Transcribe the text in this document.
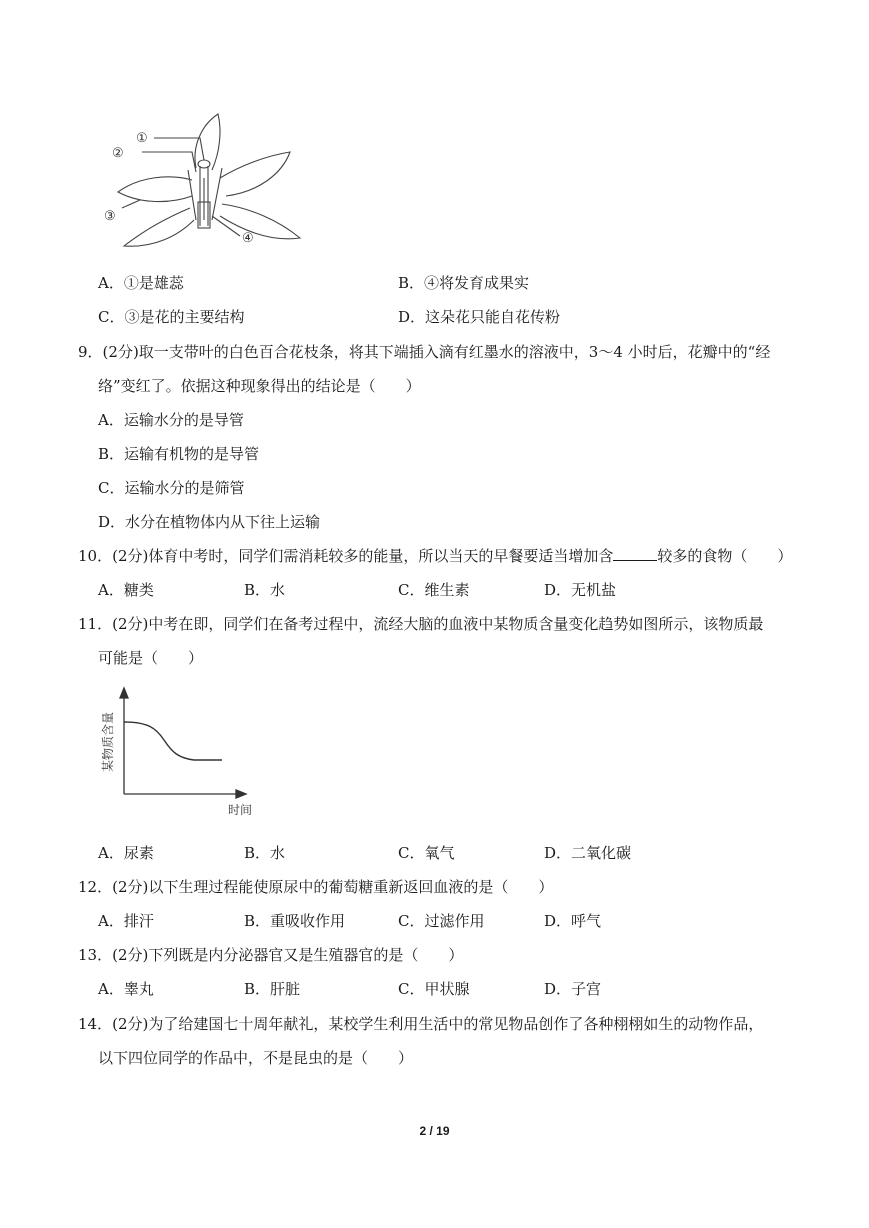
①
②
③
④
A．①是雄蕊	B．④将发育成果实
C．③是花的主要结构	D．这朵花只能自花传粉
9．(2分)取一支带叶的白色百合花枝条，将其下端插入滴有红墨水的溶液中，3～4 小时后，花瓣中的“经
络”变红了。依据这种现象得出的结论是（　　）
A．运输水分的是导管
B．运输有机物的是导管
C．运输水分的是筛管
D．水分在植物体内从下往上运输
10．(2分)体育中考时，同学们需消耗较多的能量，所以当天的早餐要适当增加含	较多的食物（　　）
A．糖类	B．水	C．维生素	D．无机盐
11．(2分)中考在即，同学们在备考过程中，流经大脑的血液中某物质含量变化趋势如图所示，该物质最
可能是（　　）
某物质含量
时间
A．尿素	B．水	C．氧气	D．二氧化碳
12．(2分)以下生理过程能使原尿中的葡萄糖重新返回血液的是（　　）
A．排汗	B．重吸收作用	C．过滤作用	D．呼气
13．(2分)下列既是内分泌器官又是生殖器官的是（　　）
A．睾丸	B．肝脏	C．甲状腺	D．子宫
14．(2分)为了给建国七十周年献礼，某校学生利用生活中的常见物品创作了各种栩栩如生的动物作品，
以下四位同学的作品中，不是昆虫的是（　　）
2 / 19
